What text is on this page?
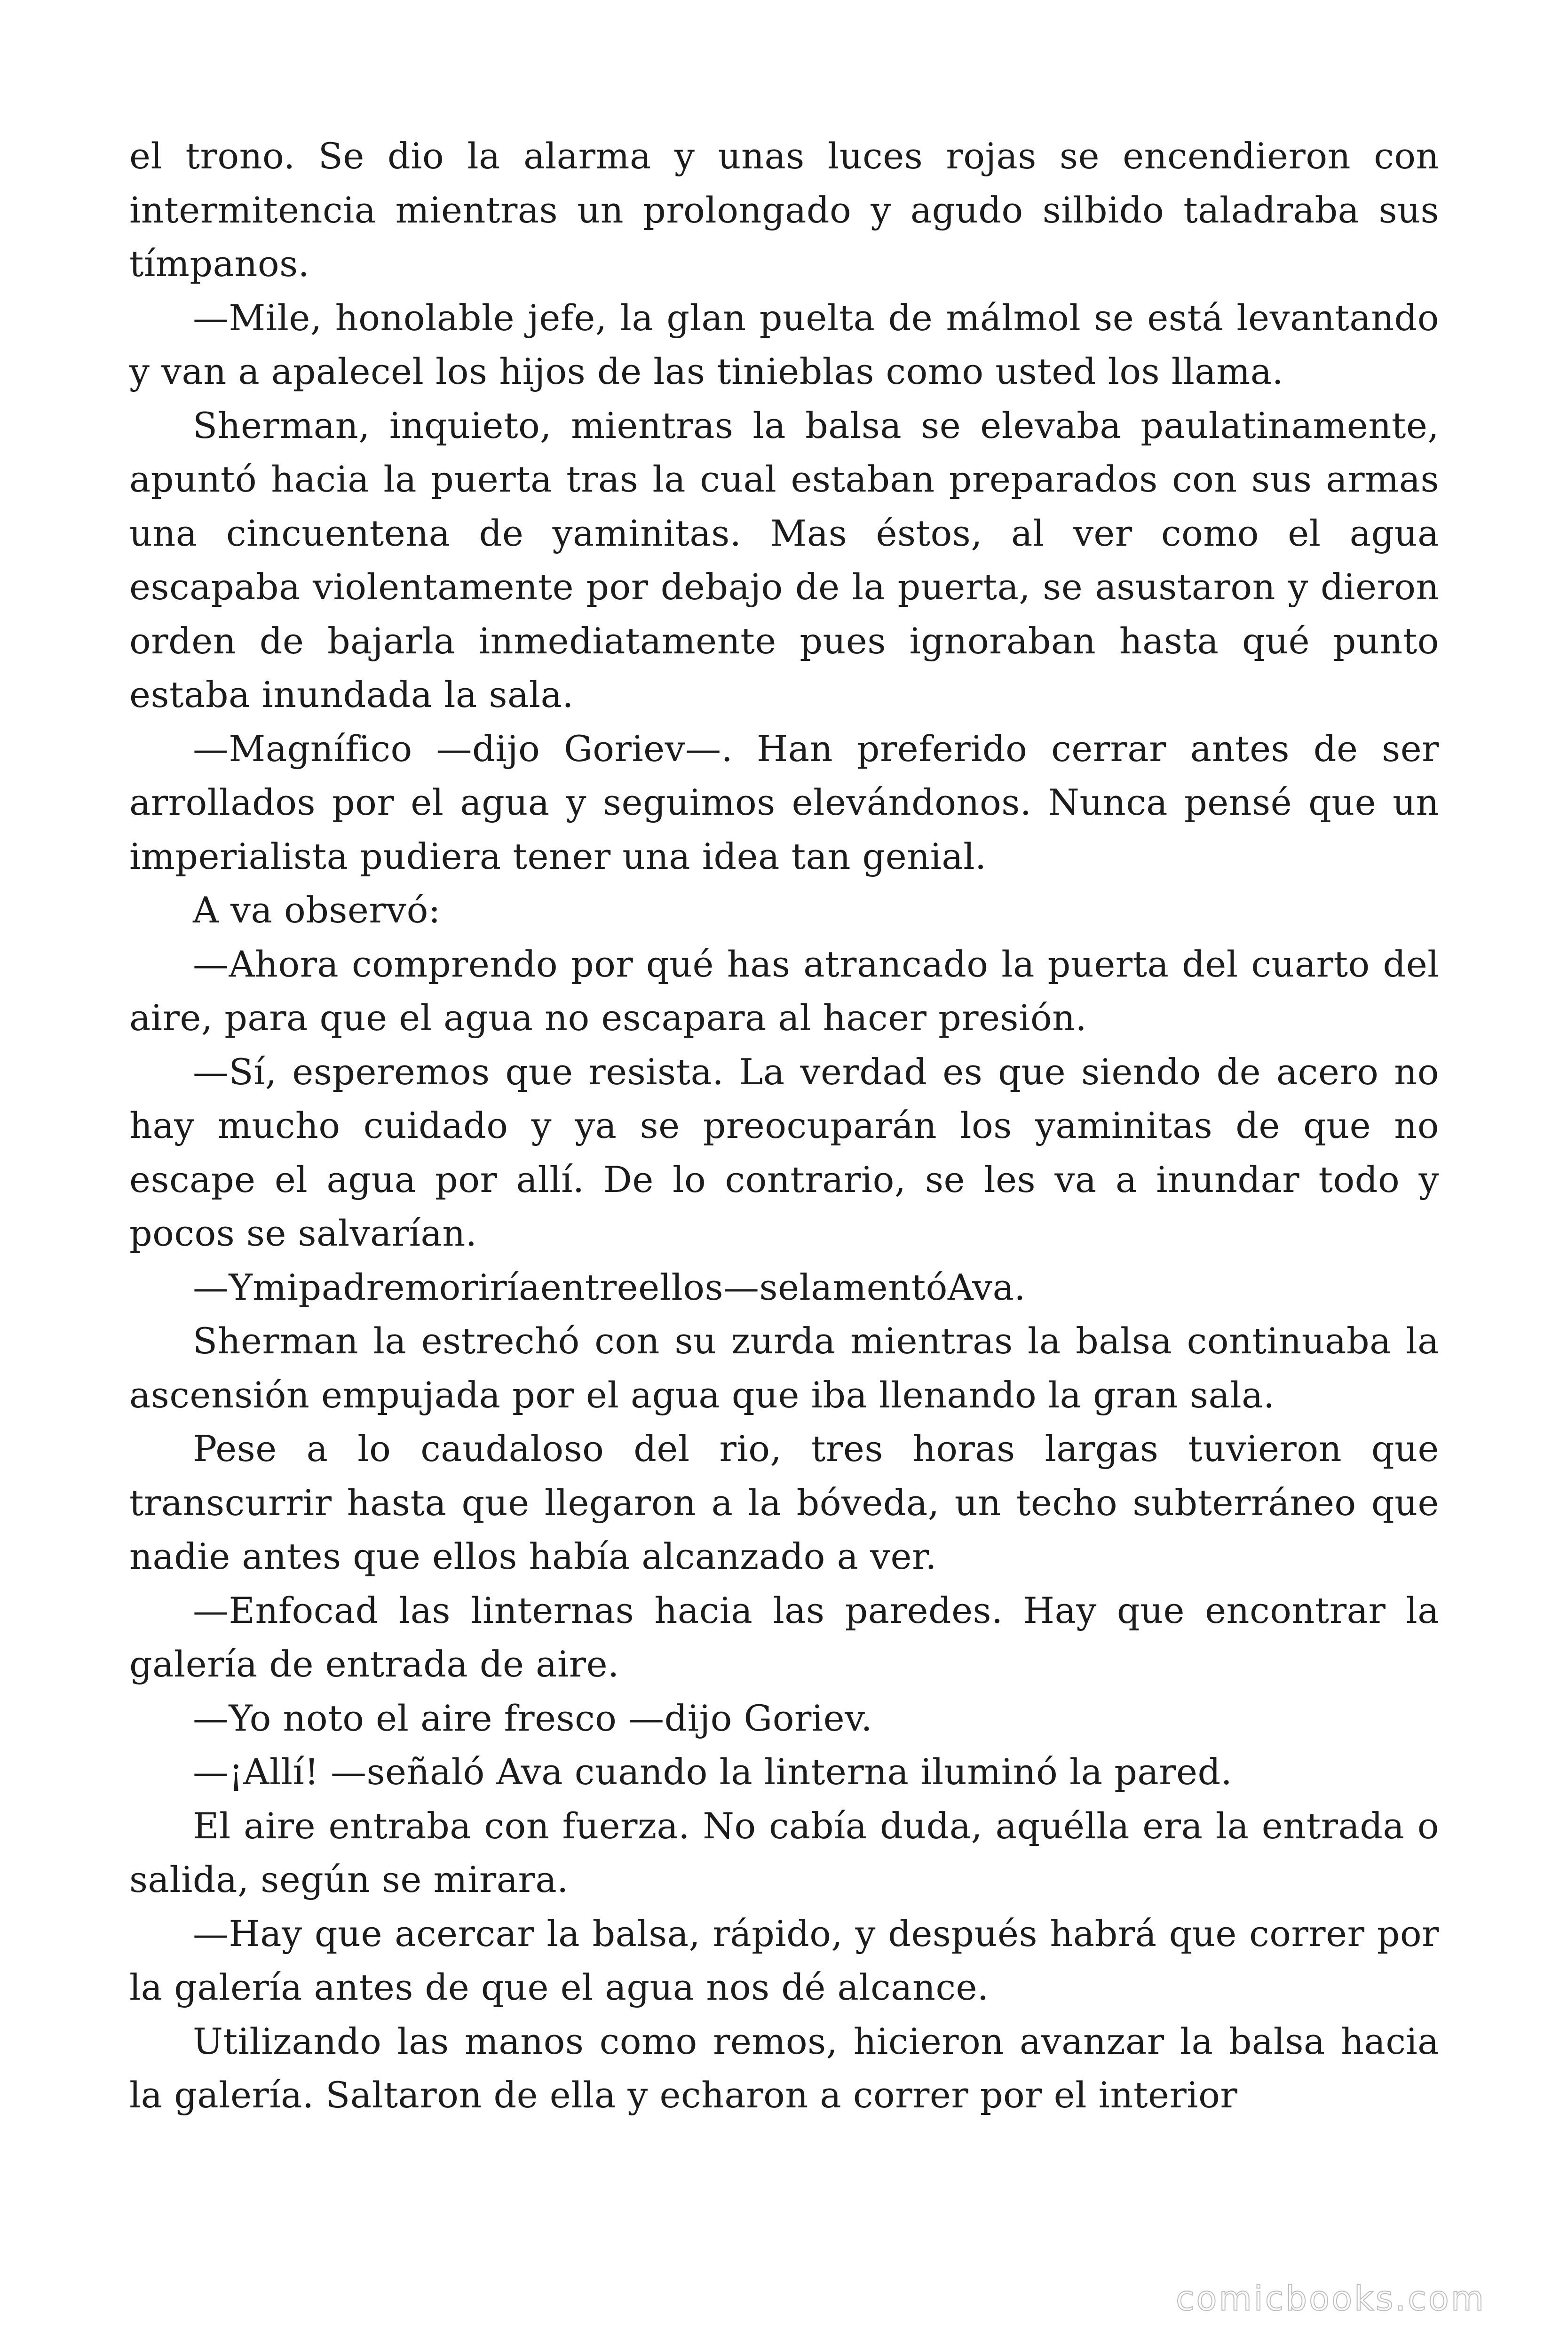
el trono. Se dio la alarma y unas luces rojas se encendieron con intermitencia mientras un prolongado y agudo silbido taladraba sus tímpanos.

—Mile, honolable jefe, la glan puelta de málmol se está levantando y van a apalecel los hijos de las tinieblas como usted los llama.

Sherman, inquieto, mientras la balsa se elevaba paulatinamente, apuntó hacia la puerta tras la cual estaban preparados con sus armas una cincuentena de yaminitas. Mas éstos, al ver como el agua escapaba violentamente por debajo de la puerta, se asustaron y dieron orden de bajarla inmediatamente pues ignoraban hasta qué punto estaba inundada la sala.

—Magnífico —dijo Goriev—. Han preferido cerrar antes de ser arrollados por el agua y seguimos elevándonos. Nunca pensé que un imperialista pudiera tener una idea tan genial.

A va observó:

—Ahora comprendo por qué has atrancado la puerta del cuarto del aire, para que el agua no escapara al hacer presión.

—Sí, esperemos que resista. La verdad es que siendo de acero no hay mucho cuidado y ya se preocuparán los yaminitas de que no escape el agua por allí. De lo contrario, se les va a inundar todo y pocos se salvarían.

—Ymipadremoriríaentreellos—selamentóAva.

Sherman la estrechó con su zurda mientras la balsa continuaba la ascensión empujada por el agua que iba llenando la gran sala.

Pese a lo caudaloso del rio, tres horas largas tuvieron que transcurrir hasta que llegaron a la bóveda, un techo subterráneo que nadie antes que ellos había alcanzado a ver.

—Enfocad las linternas hacia las paredes. Hay que encontrar la galería de entrada de aire.

—Yo noto el aire fresco —dijo Goriev.

—¡Allí! —señaló Ava cuando la linterna iluminó la pared.

El aire entraba con fuerza. No cabía duda, aquélla era la entrada o salida, según se mirara.

—Hay que acercar la balsa, rápido, y después habrá que correr por la galería antes de que el agua nos dé alcance.

Utilizando las manos como remos, hicieron avanzar la balsa hacia la galería. Saltaron de ella y echaron a correr por el interior

comicbooks.com
